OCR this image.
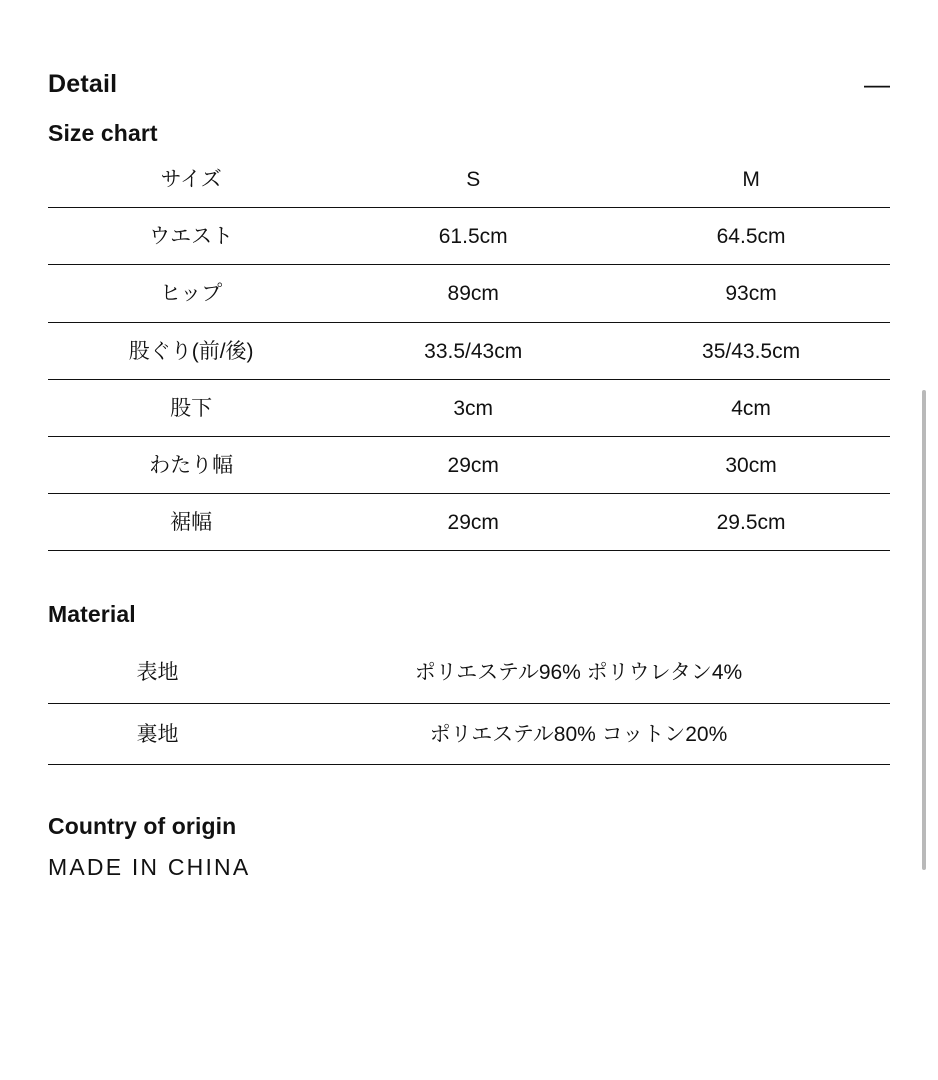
Detail	—
Size chart
サイズ	S	M
ウエスト	61.5cm	64.5cm
ヒップ	89cm	93cm
股ぐり(前/後)	33.5/43cm	35/43.5cm
股下	3cm	4cm
わたり幅	29cm	30cm
裾幅	29cm	29.5cm
Material
表地	ポリエステル96% ポリウレタン4%
裏地	ポリエステル80% コットン20%
Country of origin
MADE IN CHINA
